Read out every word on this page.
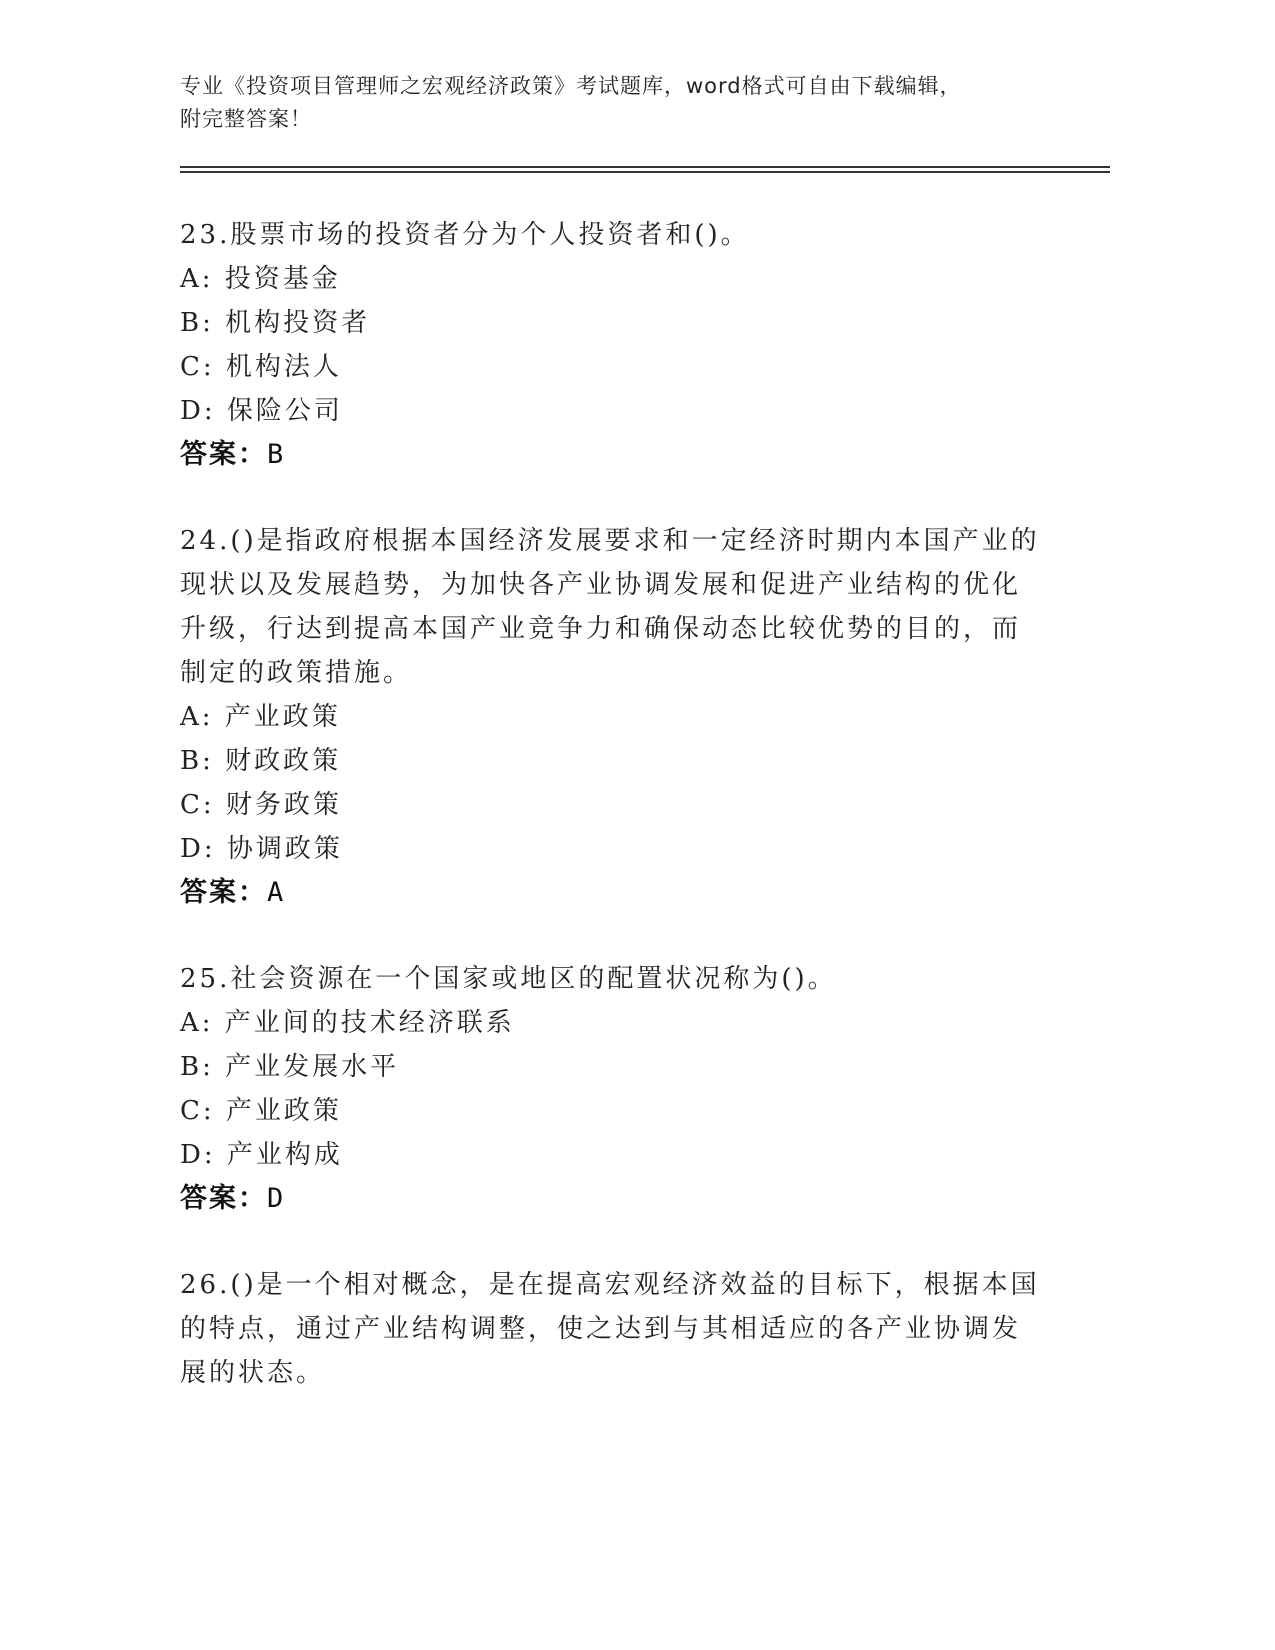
专业《投资项目管理师之宏观经济政策》考试题库，word格式可自由下载编辑，
附完整答案！
23.股票市场的投资者分为个人投资者和()。
A: 投资基金
B: 机构投资者
C: 机构法人
D: 保险公司
答案：B
24.()是指政府根据本国经济发展要求和一定经济时期内本国产业的现状以及发展趋势，为加快各产业协调发展和促进产业结构的优化升级，行达到提高本国产业竞争力和确保动态比较优势的目的，而制定的政策措施。
A: 产业政策
B: 财政政策
C: 财务政策
D: 协调政策
答案：A
25.社会资源在一个国家或地区的配置状况称为()。
A: 产业间的技术经济联系
B: 产业发展水平
C: 产业政策
D: 产业构成
答案：D
26.()是一个相对概念，是在提高宏观经济效益的目标下，根据本国的特点，通过产业结构调整，使之达到与其相适应的各产业协调发展的状态。
